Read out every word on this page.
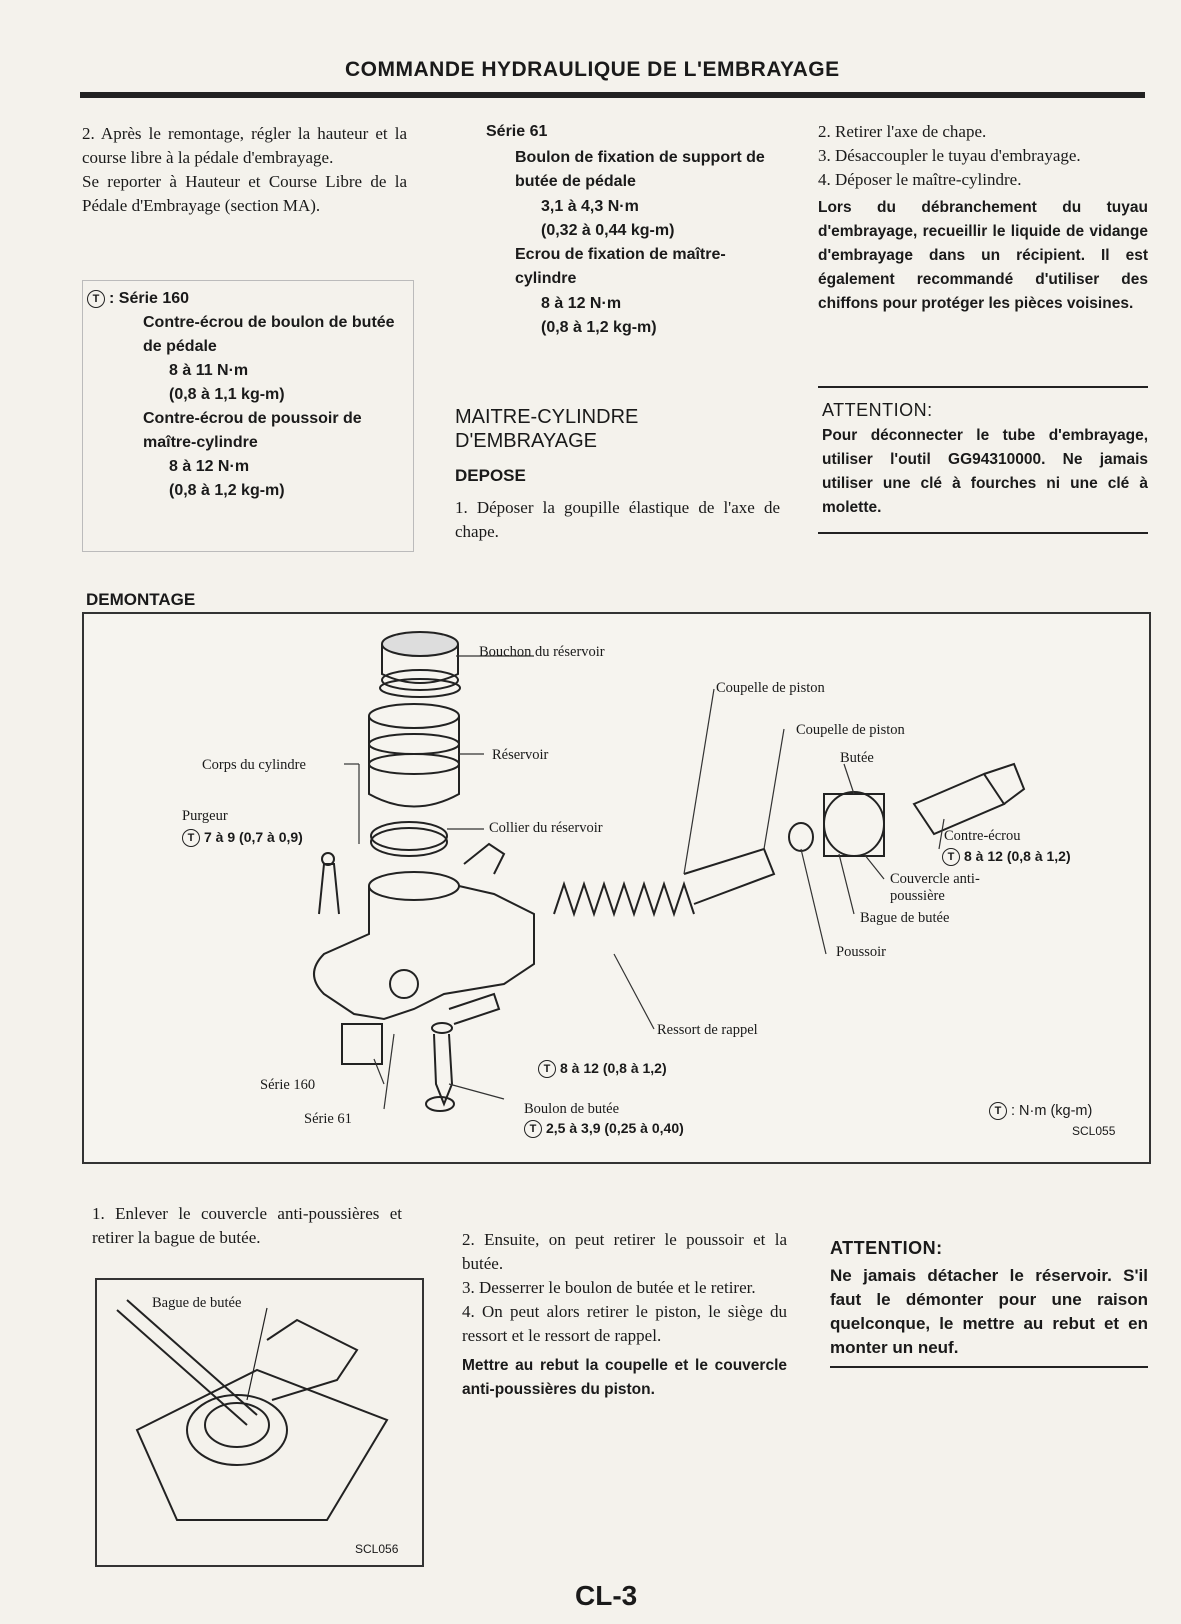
COMMANDE HYDRAULIQUE DE L'EMBRAYAGE

2. Après le remontage, régler la hauteur et la course libre à la pédale d'embrayage.

Se reporter à Hauteur et Course Libre de la Pédale d'Embrayage (section MA).

T : Série 160
Contre-écrou de boulon de butée de pédale
8 à 11 N·m
(0,8 à 1,1 kg-m)
Contre-écrou de poussoir de maître-cylindre
8 à 12 N·m
(0,8 à 1,2 kg-m)
DEMONTAGE
Série 61
Boulon de fixation de support de butée de pédale
3,1 à 4,3 N·m
(0,32 à 0,44 kg-m)
Ecrou de fixation de maître-cylindre
8 à 12 N·m
(0,8 à 1,2 kg-m)
MAITRE-CYLINDRE
D'EMBRAYAGE
DEPOSE

1. Déposer la goupille élastique de l'axe de chape.

2. Retirer l'axe de chape.

3. Désaccoupler le tuyau d'embrayage.

4. Déposer le maître-cylindre.

Lors du débranchement du tuyau d'embrayage, recueillir le liquide de vidange d'embrayage dans un récipient. Il est également recommandé d'utiliser des chiffons pour protéger les pièces voisines.
ATTENTION:
Pour déconnecter le tube d'embrayage, utiliser l'outil GG94310000. Ne jamais utiliser une clé à fourches ni une clé à molette.
Bouchon du réservoir
Réservoir
Corps du cylindre
Purgeur
T 7 à 9 (0,7 à 0,9)
Collier du réservoir
Coupelle de piston
Coupelle de piston
Butée
Contre-écrou
T 8 à 12 (0,8 à 1,2)
Couvercle anti-poussière
Bague de butée
Poussoir
Ressort de rappel
T 8 à 12 (0,8 à 1,2)
Série 160
Série 61
Boulon de butée
T 2,5 à 3,9 (0,25 à 0,40)
T : N·m (kg-m)
SCL055

1. Enlever le couvercle anti-poussières et retirer la bague de butée.

Bague de butée
SCL056

2. Ensuite, on peut retirer le poussoir et la butée.

3. Desserrer le boulon de butée et le retirer.

4. On peut alors retirer le piston, le siège du ressort et le ressort de rappel.

Mettre au rebut la coupelle et le couvercle anti-poussières du piston.
ATTENTION:
Ne jamais détacher le réservoir. S'il faut le démonter pour une raison quelconque, le mettre au rebut et en monter un neuf.
CL-3
